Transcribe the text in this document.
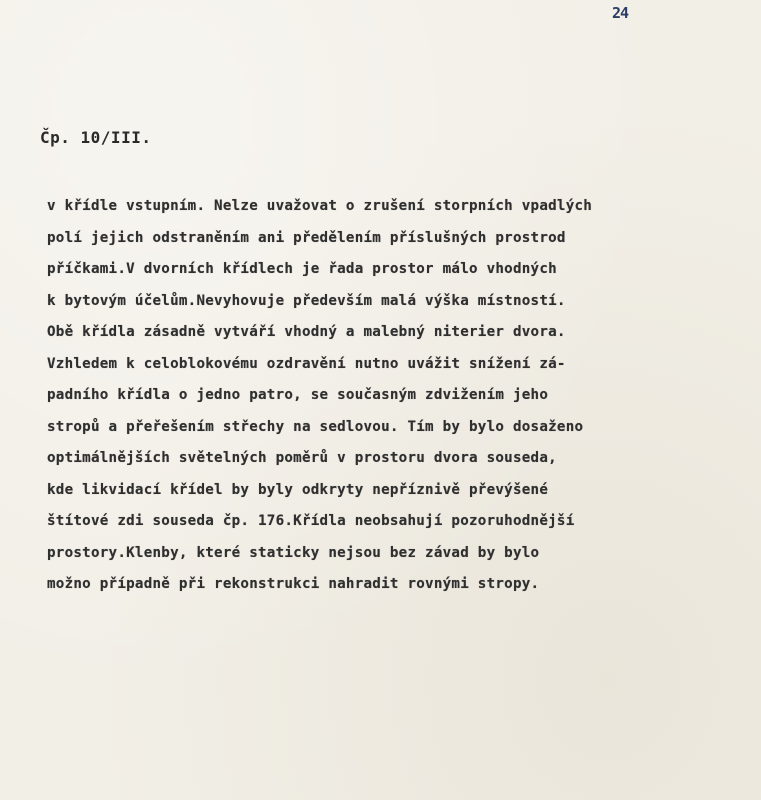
24
Čp. 10/III.
v křídle vstupním. Nelze uvažovat o zrušení storpních vpadlých
polí jejich odstraněním ani předělením příslušných prostrod
příčkami.V dvorních křídlech je řada prostor málo vhodných
k bytovým účelům.Nevyhovuje především malá výška místností.
Obě křídla zásadně vytváří vhodný a malebný niterier dvora.
Vzhledem k celoblokovému ozdravění nutno uvážit snížení zá-
padního křídla o jedno patro, se současným zdvižením jeho
stropů a přeřešením střechy na sedlovou. Tím by bylo dosaženo
optimálnějších světelných poměrů v prostoru dvora souseda,
kde likvidací křídel by byly odkryty nepříznivě převýšené
štítové zdi souseda čp. 176.Křídla neobsahují pozoruhodnější
prostory.Klenby, které staticky nejsou bez závad by bylo
možno případně při rekonstrukci nahradit rovnými stropy.
